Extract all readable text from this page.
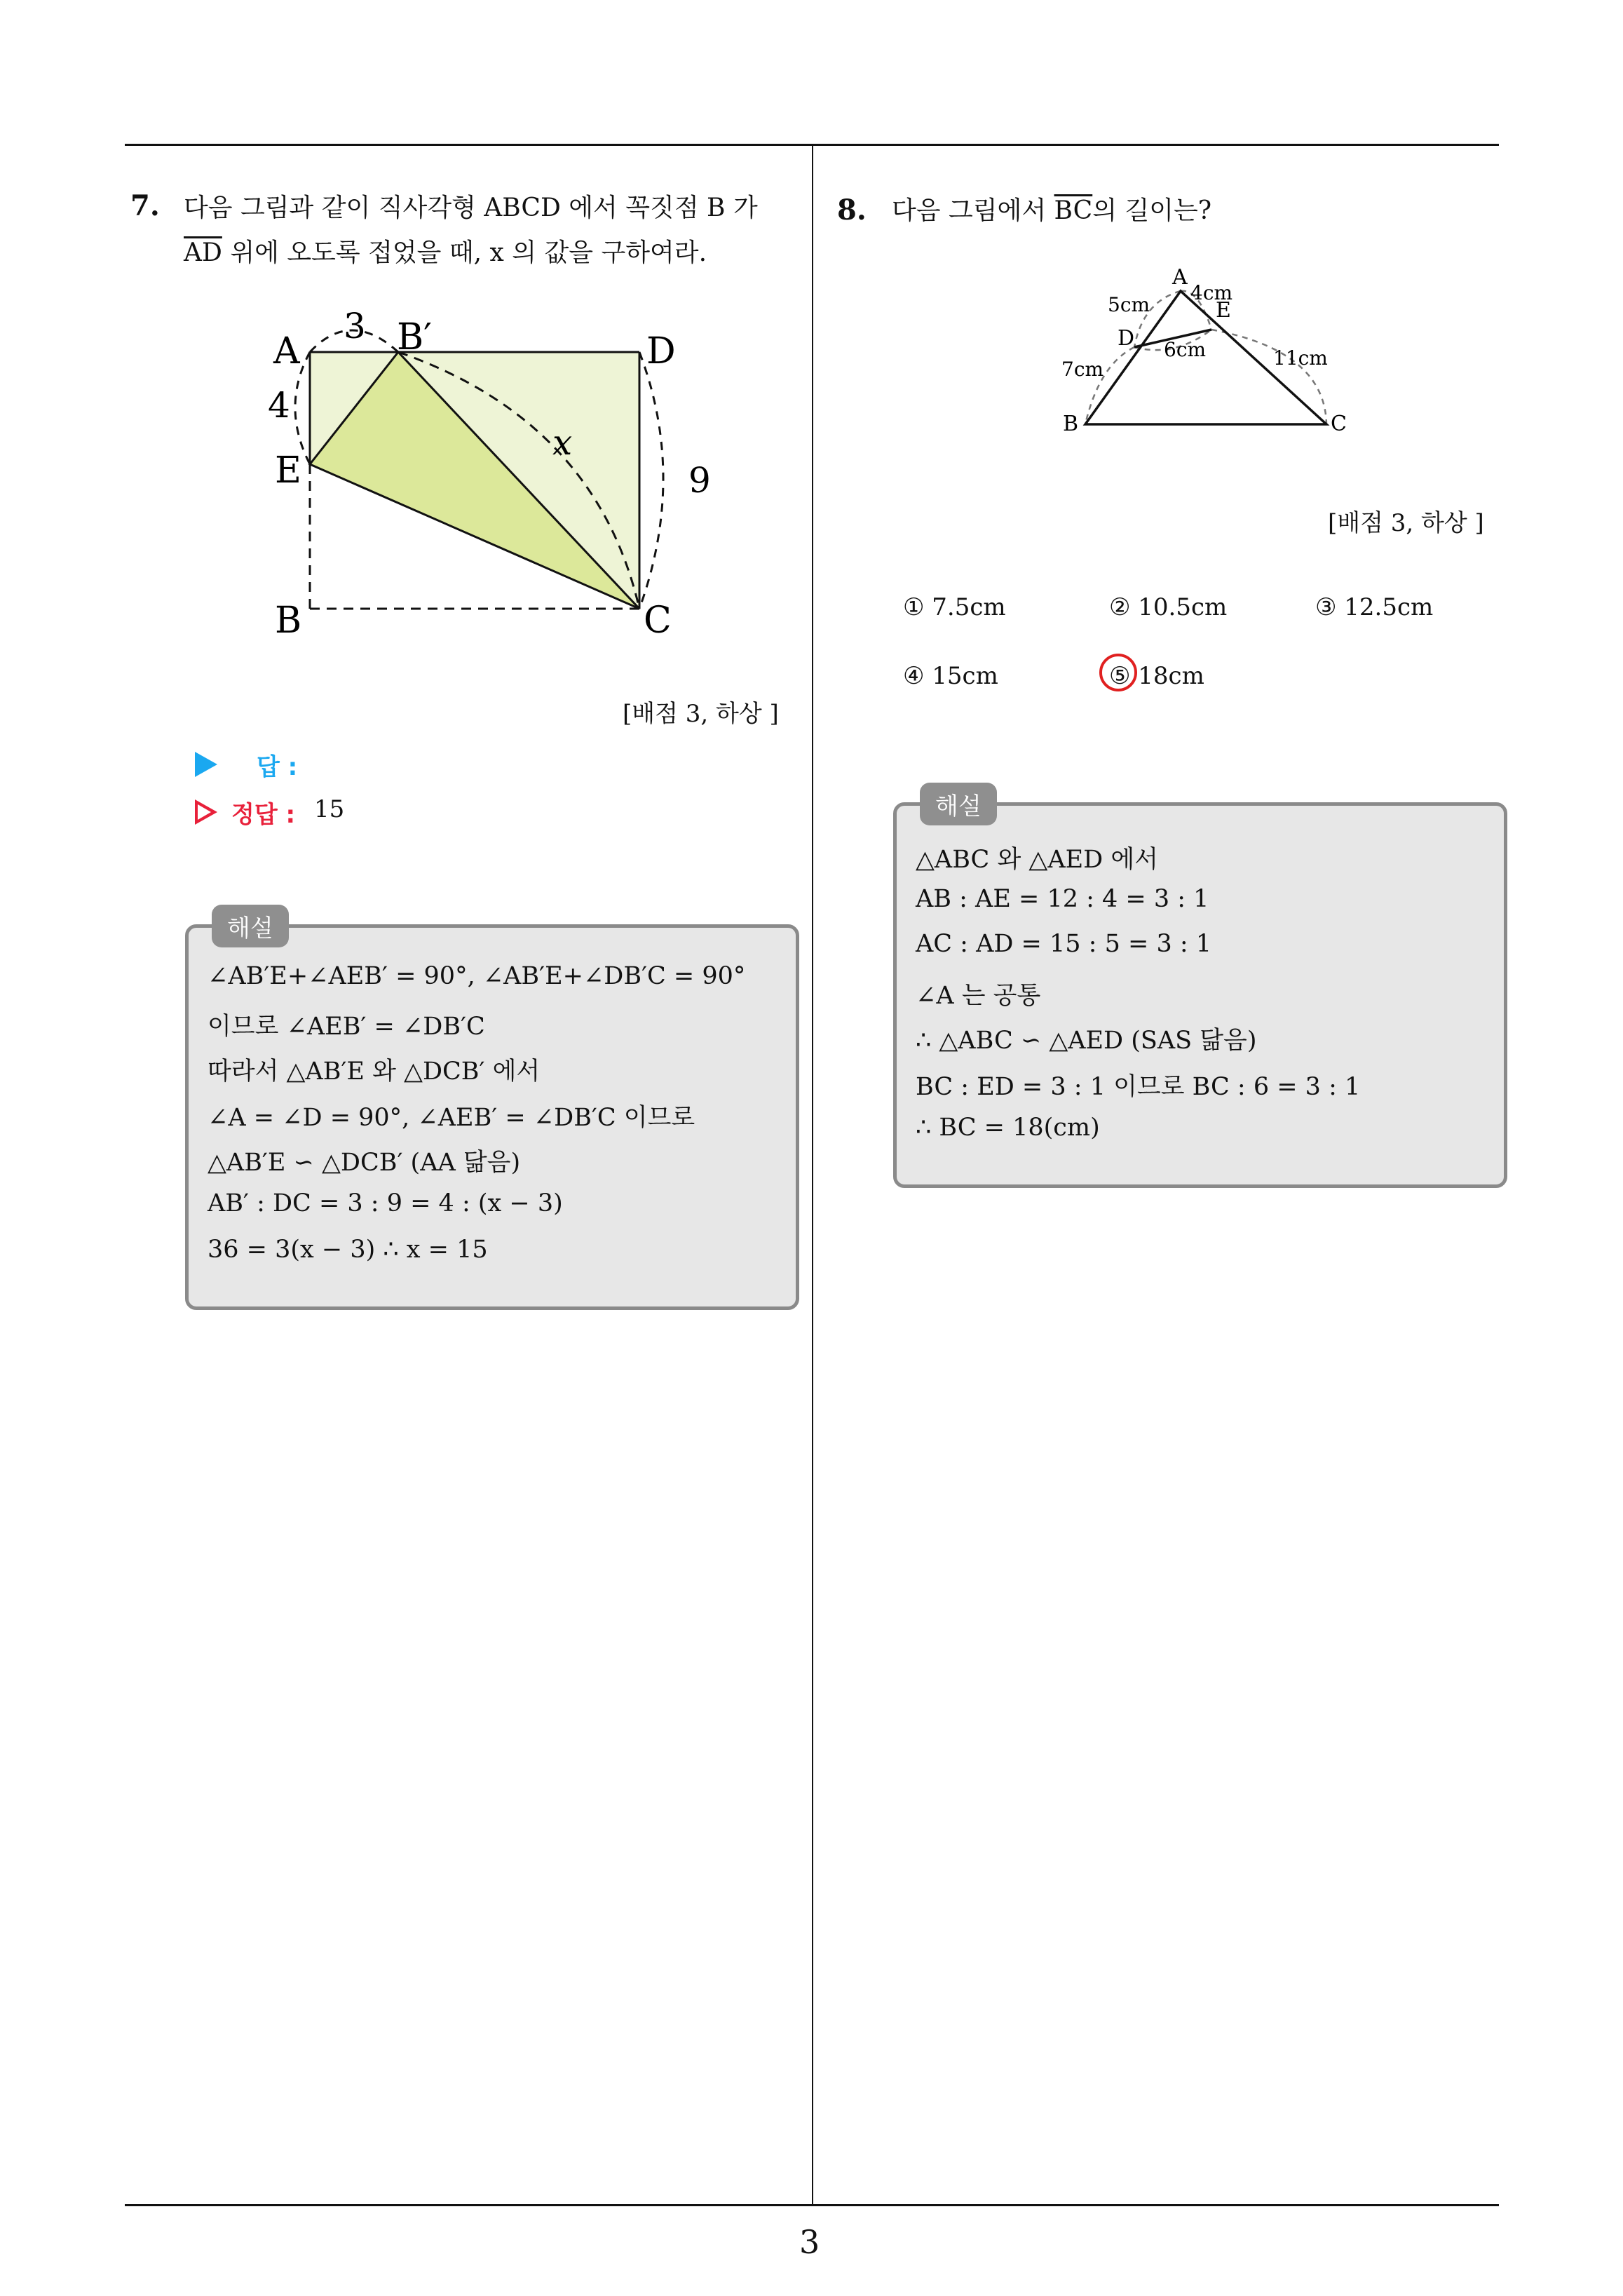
3
7. 다음 그림과 같이 직사각형 ABCD 에서 꼭짓점 B 가
$\overline{AD}$ 위에 오도록 접었을 때, x 의 값을 구하여라.
A	B′	D
E
B	C
3
4
9
x
[배점 3, 하상 ]
답 :
정답 : 15
해설
∠AB′E+∠AEB′ = 90°, ∠AB′E+∠DB′C = 90°
이므로 ∠AEB′ = ∠DB′C
따라서 △AB′E 와 △DCB′ 에서
∠A = ∠D = 90°, ∠AEB′ = ∠DB′C 이므로
△AB′E ∽ △DCB′ (AA 닮음)
AB′ : DC = 3 : 9 = 4 : (x − 3)
36 = 3(x − 3) ∴ x = 15
8. 다음 그림에서 $\overline{BC}$의 길이는?
A
B	C
D
E
5cm
4cm
6cm
7cm	11cm
[배점 3, 하상 ]
① 7.5cm	② 10.5cm	③ 12.5cm
④ 15cm	⑤ 18cm
해설
△ABC 와 △AED 에서
AB : AE = 12 : 4 = 3 : 1
AC : AD = 15 : 5 = 3 : 1
∠A 는 공통
∴ △ABC ∽ △AED (SAS 닮음)
BC : ED = 3 : 1 이므로 BC : 6 = 3 : 1
∴ BC = 18(cm)
